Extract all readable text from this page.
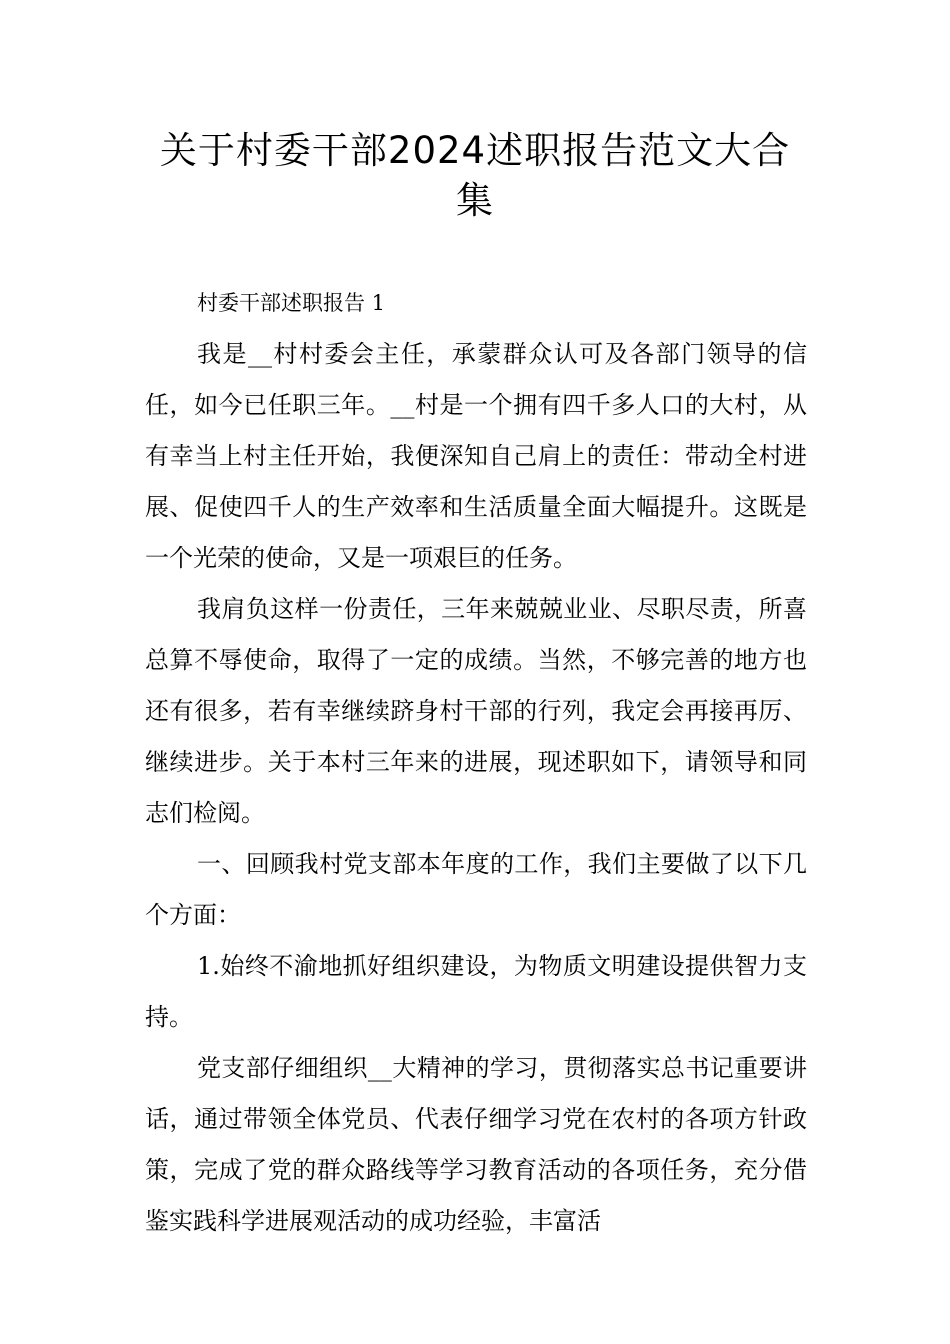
关于村委干部2024述职报告范文大合
集

村委干部述职报告 1

我是__村村委会主任，承蒙群众认可及各部门领导的信任，如今已任职三年。__村是一个拥有四千多人口的大村，从有幸当上村主任开始，我便深知自己肩上的责任：带动全村进展、促使四千人的生产效率和生活质量全面大幅提升。这既是一个光荣的使命，又是一项艰巨的任务。

我肩负这样一份责任，三年来兢兢业业、尽职尽责，所喜总算不辱使命，取得了一定的成绩。当然，不够完善的地方也还有很多，若有幸继续跻身村干部的行列，我定会再接再厉、继续进步。关于本村三年来的进展，现述职如下，请领导和同志们检阅。

一、回顾我村党支部本年度的工作，我们主要做了以下几个方面：

1.始终不渝地抓好组织建设，为物质文明建设提供智力支持。

党支部仔细组织__大精神的学习，贯彻落实总书记重要讲话，通过带领全体党员、代表仔细学习党在农村的各项方针政策，完成了党的群众路线等学习教育活动的各项任务，充分借鉴实践科学进展观活动的成功经验，丰富活
